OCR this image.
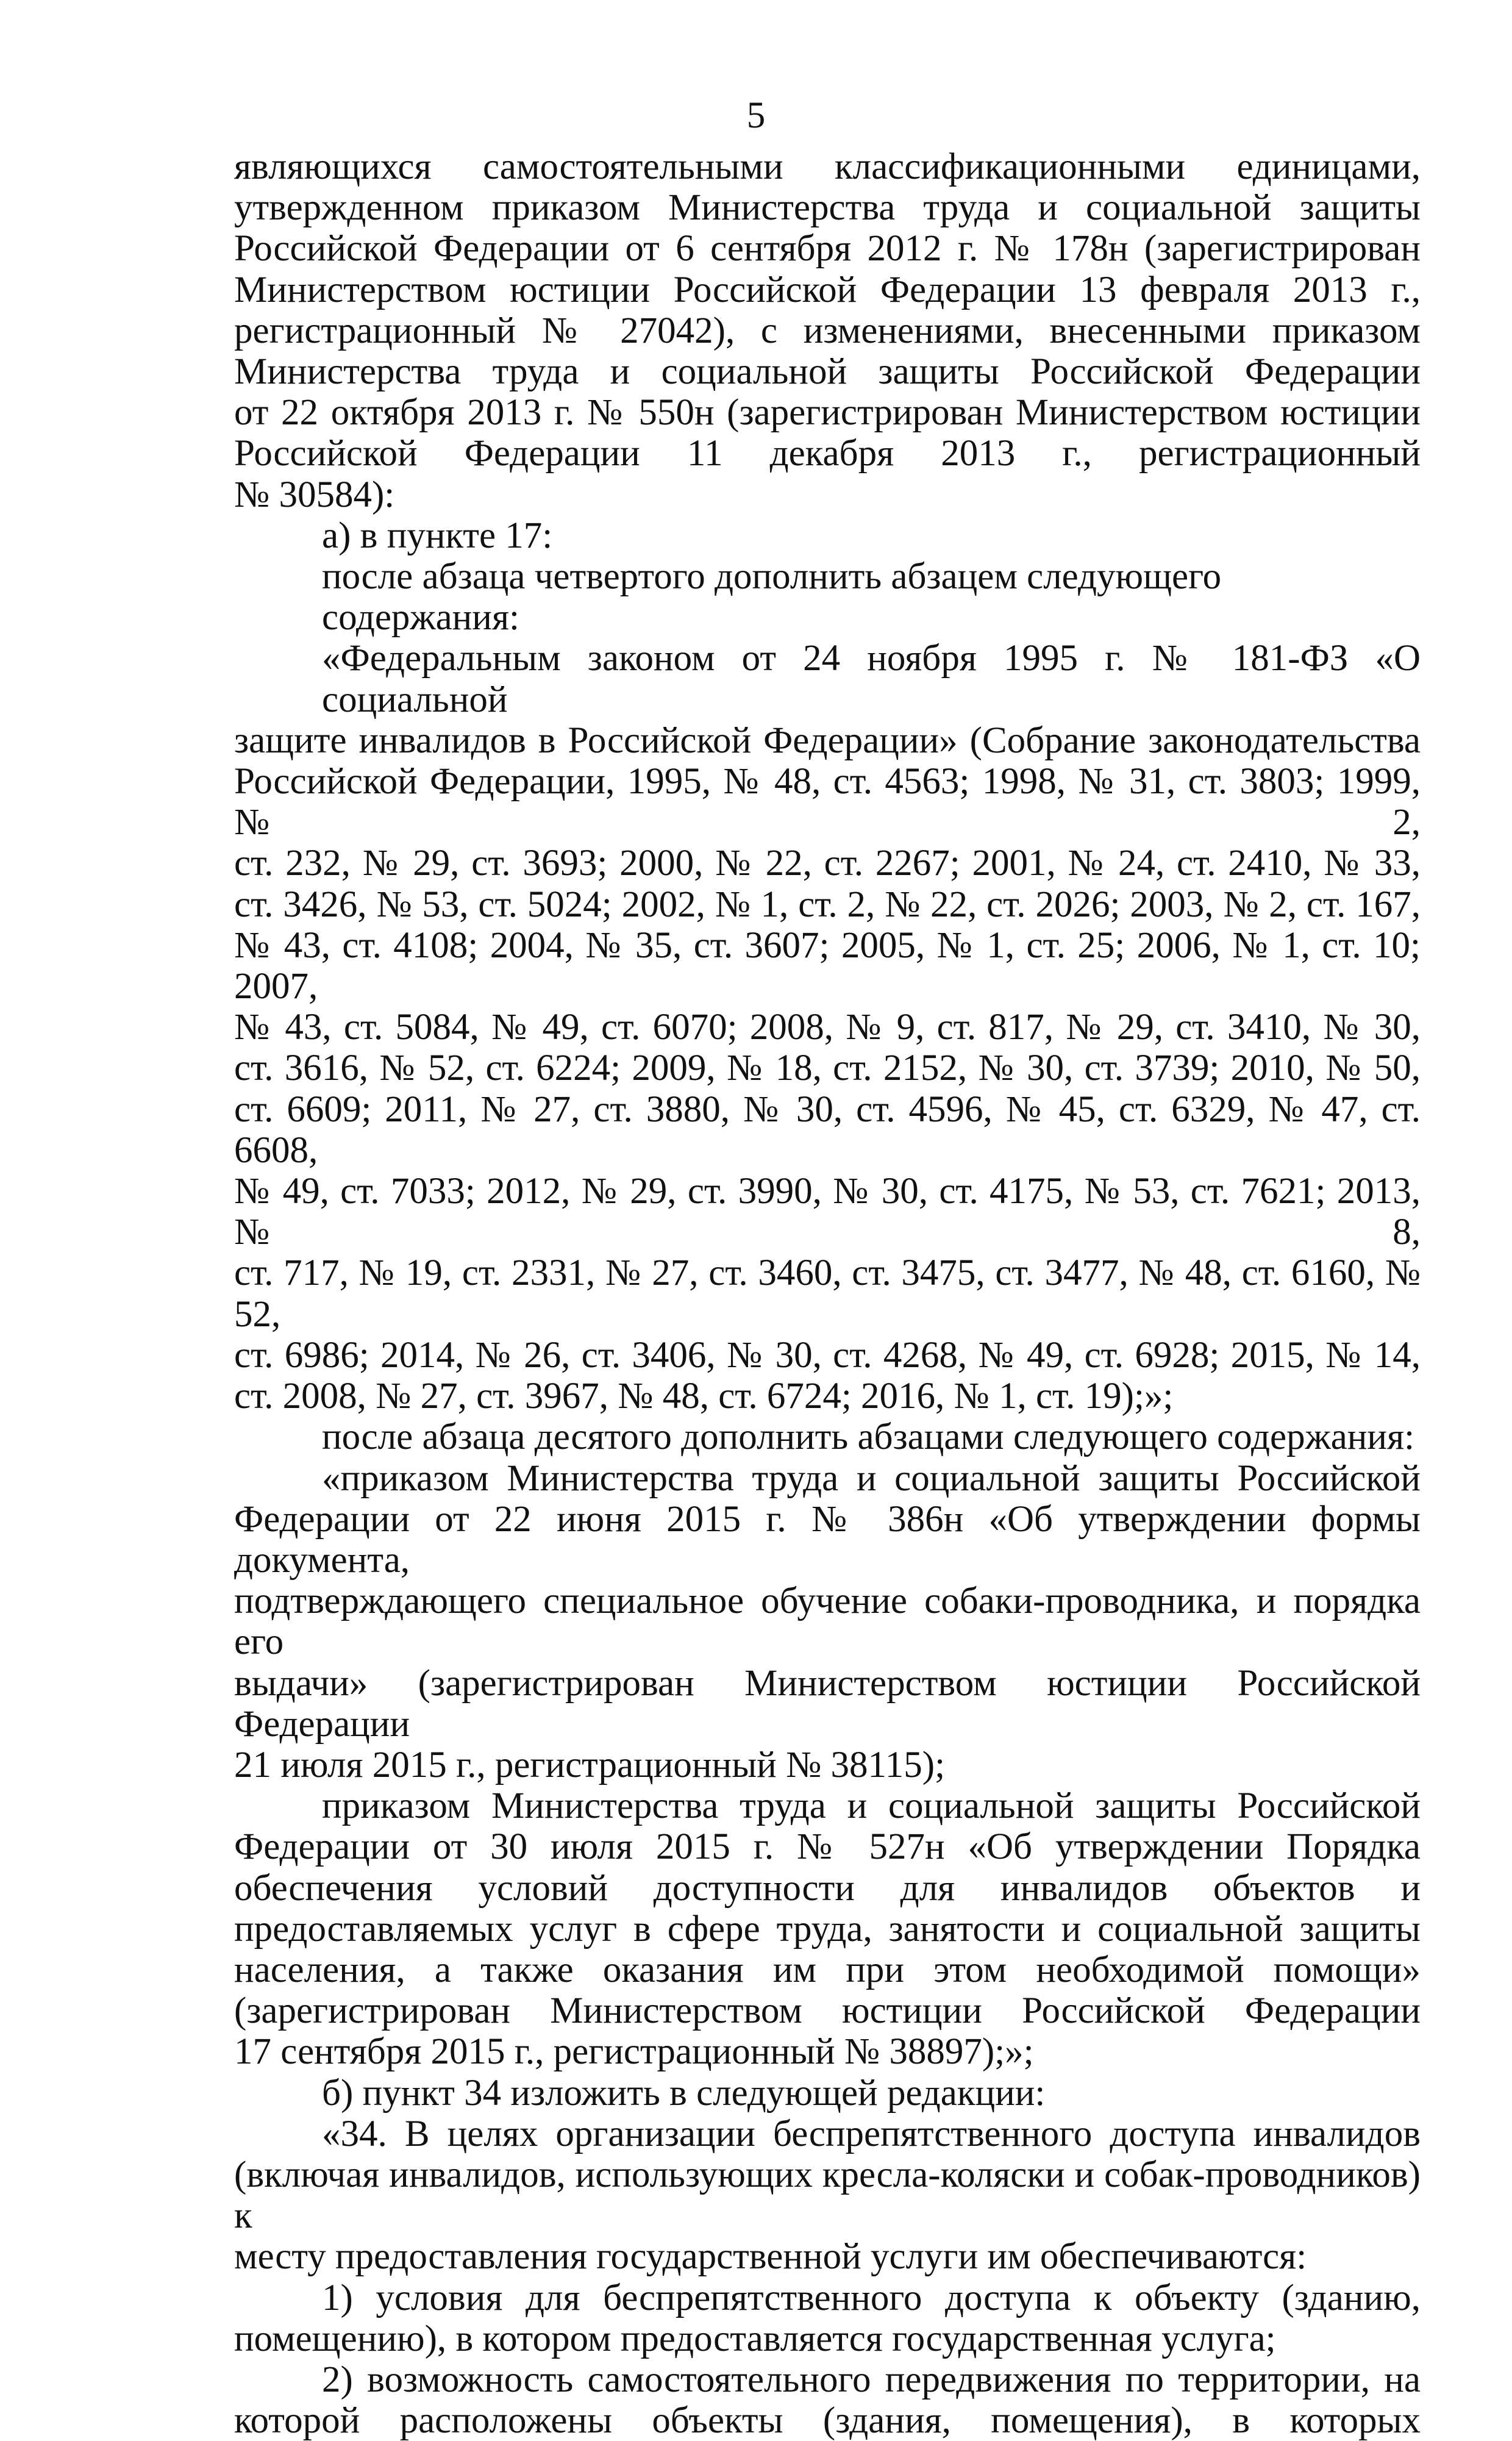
5

являющихся самостоятельными классификационными единицами,

утвержденном приказом Министерства труда и социальной защиты

Российской Федерации от 6 сентября 2012 г. № 178н (зарегистрирован

Министерством юстиции Российской Федерации 13 февраля 2013 г.,

регистрационный № 27042), с изменениями, внесенными приказом

Министерства труда и социальной защиты Российской Федерации

от 22 октября 2013 г. № 550н (зарегистрирован Министерством юстиции

Российской Федерации 11 декабря 2013 г., регистрационный

№ 30584):

а) в пункте 17:

после абзаца четвертого дополнить абзацем следующего содержания:

«Федеральным законом от 24 ноября 1995 г. № 181-ФЗ «О социальной

защите инвалидов в Российской Федерации» (Собрание законодательства

Российской Федерации, 1995, № 48, ст. 4563; 1998, № 31, ст. 3803; 1999, № 2,

ст. 232, № 29, ст. 3693; 2000, № 22, ст. 2267; 2001, № 24, ст. 2410, № 33,

ст. 3426, № 53, ст. 5024; 2002, № 1, ст. 2, № 22, ст. 2026; 2003, № 2, ст. 167,

№ 43, ст. 4108; 2004, № 35, ст. 3607; 2005, № 1, ст. 25; 2006, № 1, ст. 10; 2007,

№ 43, ст. 5084, № 49, ст. 6070; 2008, № 9, ст. 817, № 29, ст. 3410, № 30,

ст. 3616, № 52, ст. 6224; 2009, № 18, ст. 2152, № 30, ст. 3739; 2010, № 50,

ст. 6609; 2011, № 27, ст. 3880, № 30, ст. 4596, № 45, ст. 6329, № 47, ст. 6608,

№ 49, ст. 7033; 2012, № 29, ст. 3990, № 30, ст. 4175, № 53, ст. 7621; 2013, № 8,

ст. 717, № 19, ст. 2331, № 27, ст. 3460, ст. 3475, ст. 3477, № 48, ст. 6160, № 52,

ст. 6986; 2014, № 26, ст. 3406, № 30, ст. 4268, № 49, ст. 6928; 2015, № 14,

ст. 2008, № 27, ст. 3967, № 48, ст. 6724; 2016, № 1, ст. 19);»;

после абзаца десятого дополнить абзацами следующего содержания:

«приказом Министерства труда и социальной защиты Российской

Федерации от 22 июня 2015 г. № 386н «Об утверждении формы документа,

подтверждающего специальное обучение собаки-проводника, и порядка его

выдачи» (зарегистрирован Министерством юстиции Российской Федерации

21 июля 2015 г., регистрационный № 38115);

приказом Министерства труда и социальной защиты Российской

Федерации от 30 июля 2015 г. № 527н «Об утверждении Порядка

обеспечения условий доступности для инвалидов объектов и

предоставляемых услуг в сфере труда, занятости и социальной защиты

населения, а также оказания им при этом необходимой помощи»

(зарегистрирован Министерством юстиции Российской Федерации

17 сентября 2015 г., регистрационный № 38897);»;

б) пункт 34 изложить в следующей редакции:

«34. В целях организации беспрепятственного доступа инвалидов

(включая инвалидов, использующих кресла-коляски и собак-проводников) к

месту предоставления государственной услуги им обеспечиваются:

1) условия для беспрепятственного доступа к объекту (зданию,

помещению), в котором предоставляется государственная услуга;

2) возможность самостоятельного передвижения по территории, на

которой расположены объекты (здания, помещения), в которых
